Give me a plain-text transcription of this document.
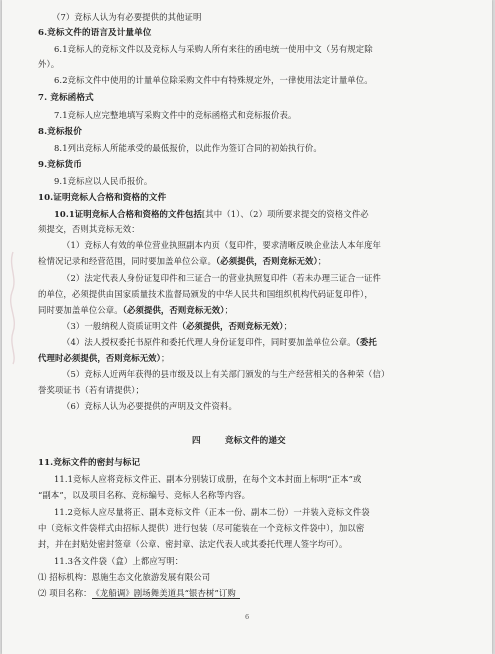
（7）竞标人认为有必要提供的其他证明

6.竞标文件的语言及计量单位

6.1竞标人的竞标文件以及竞标人与采购人所有来往的函电统一使用中文（另有规定除

外）。

6.2竞标文件中使用的计量单位除采购文件中有特殊规定外，一律使用法定计量单位。

7. 竞标函格式

7.1竞标人应完整地填写采购文件中的竞标函格式和竞标报价表。

8.竞标报价

8.1列出竞标人所能承受的最低报价，以此作为签订合同的初始执行价。

9.竞标货币

9.1竞标应以人民币报价。

10.证明竞标人合格和资格的文件

10.1证明竞标人合格和资格的文件包括[其中（1）、（2）项所要求提交的资格文件必

须提交，否则其竞标无效：

（1）竞标人有效的单位营业执照副本内页（复印件，要求清晰反映企业法人本年度年

检情况记录和经营范围，同时要加盖单位公章。（必须提供，否则竞标无效）；

（2）法定代表人身份证复印件和三证合一的营业执照复印件（若未办理三证合一证件

的单位，必须提供由国家质量技术监督局颁发的中华人民共和国组织机构代码证复印件），

同时要加盖单位公章。（必须提供，否则竞标无效）；

（3）一般纳税人资质证明文件（必须提供，否则竞标无效）；

（4）法人授权委托书原件和委托代理人身份证复印件，同时要加盖单位公章。（委托

代理时必须提供，否则竞标无效）；

（5）竞标人近两年获得的县市级及以上有关部门颁发的与生产经营相关的各种荣（信）

誉奖项证书（若有请提供）；

（6）竞标人认为必要提供的声明及文件资料。

四	竞标文件的递交

11.竞标文件的密封与标记

11.1竞标人应将竞标文件正、副本分别装订成册，在每个文本封面上标明“正本”或

“副本”，以及项目名称、竞标编号、竞标人名称等内容。

11.2竞标人应尽量将正、副本竞标文件（正本一份、副本二份）一并装入竞标文件袋

中（竞标文件袋样式由招标人提供）进行包装（尽可能装在一个竞标文件袋中），加以密

封，并在封贴处密封签章（公章、密封章、法定代表人或其委托代理人签字均可）。

11.3各文件袋（盒）上都应写明：

⑴ 招标机构：恩施生态文化旅游发展有限公司

⑵ 项目名称： 《龙船调》剧场舞美道具“银杏树”订购

6
